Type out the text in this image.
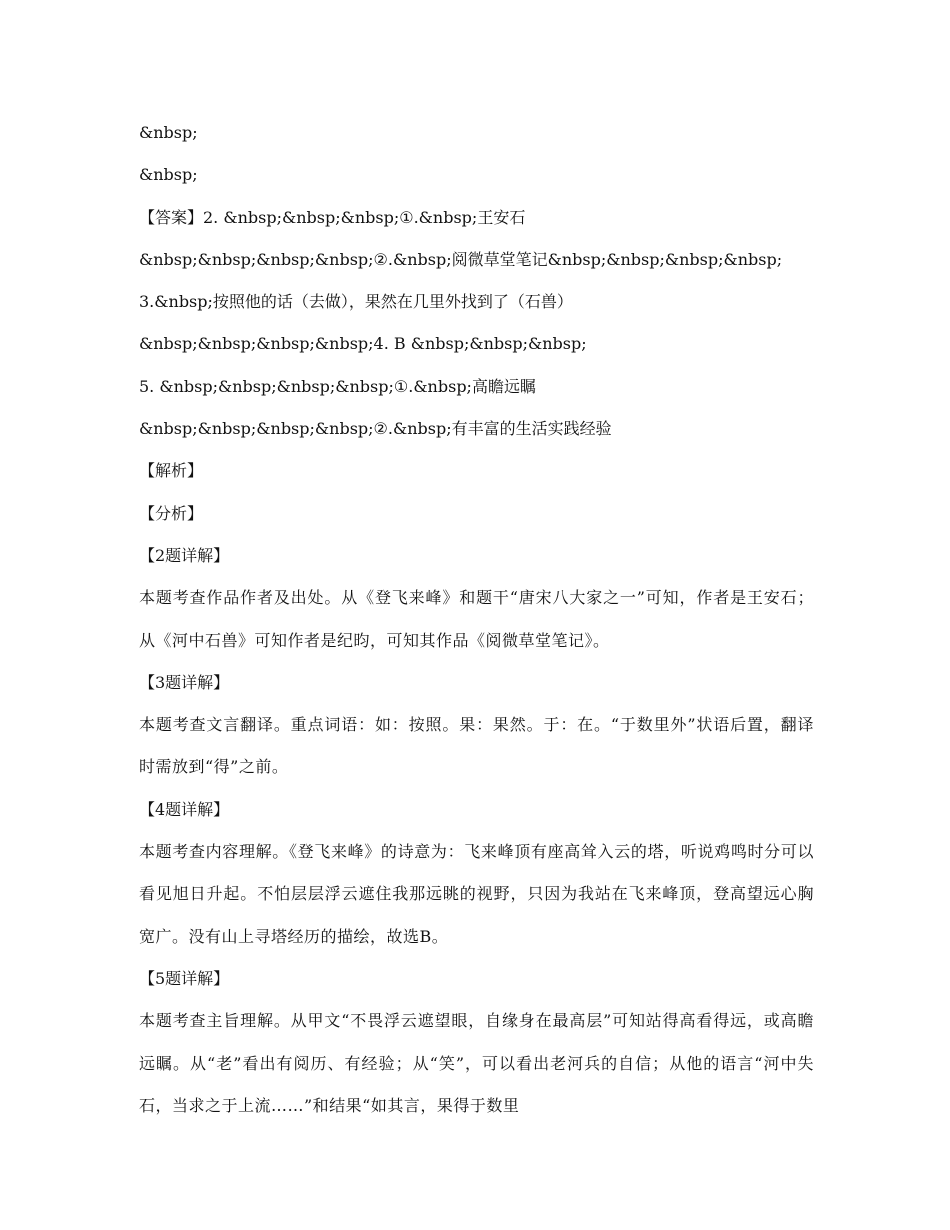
&nbsp;
&nbsp;
【答案】2. &nbsp;&nbsp;&nbsp;①.&nbsp;王安石
&nbsp;&nbsp;&nbsp;&nbsp;②.&nbsp;阅微草堂笔记&nbsp;&nbsp;&nbsp;&nbsp;
3.&nbsp;按照他的话（去做），果然在几里外找到了（石兽）
&nbsp;&nbsp;&nbsp;&nbsp;4. B &nbsp;&nbsp;&nbsp;
5. &nbsp;&nbsp;&nbsp;&nbsp;①.&nbsp;高瞻远瞩
&nbsp;&nbsp;&nbsp;&nbsp;②.&nbsp;有丰富的生活实践经验
【解析】
【分析】
【2题详解】
本题考查作品作者及出处。从《登飞来峰》和题干“唐宋八大家之一”可知，作者是王安石；从《河中石兽》可知作者是纪昀，可知其作品《阅微草堂笔记》。
【3题详解】
本题考查文言翻译。重点词语：如：按照。果：果然。于：在。“于数里外”状语后置，翻译时需放到“得”之前。
【4题详解】
本题考查内容理解。《登飞来峰》的诗意为：飞来峰顶有座高耸入云的塔，听说鸡鸣时分可以看见旭日升起。不怕层层浮云遮住我那远眺的视野，只因为我站在飞来峰顶，登高望远心胸宽广。没有山上寻塔经历的描绘，故选B。
【5题详解】
本题考查主旨理解。从甲文“不畏浮云遮望眼，自缘身在最高层”可知站得高看得远，或高瞻远瞩。从“老”看出有阅历、有经验；从“笑”，可以看出老河兵的自信；从他的语言“河中失石，当求之于上流……”和结果“如其言，果得于数里
